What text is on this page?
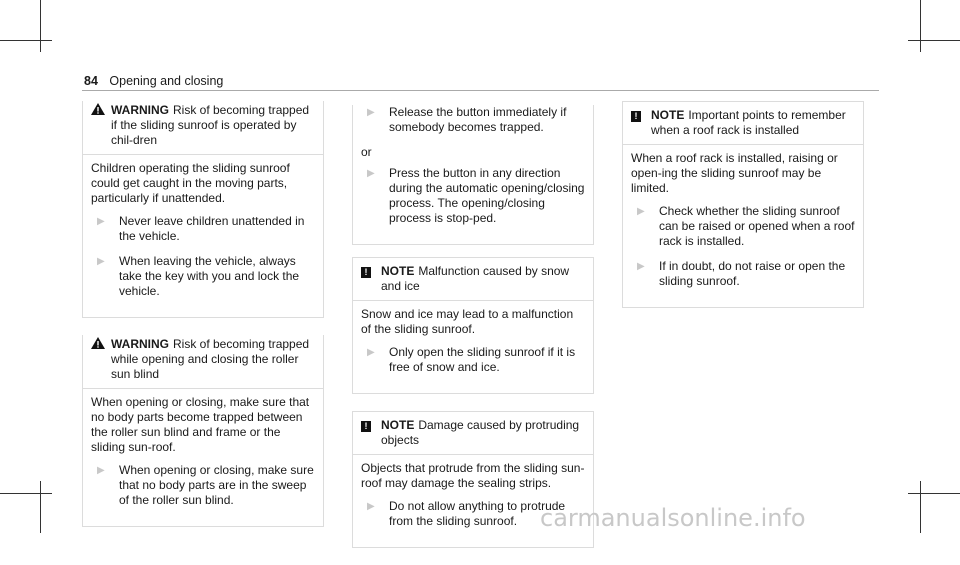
84 Opening and closing
WARNING Risk of becoming trapped if the sliding sunroof is operated by chil-dren

Children operating the sliding sunroof could get caught in the moving parts, particularly if unattended.

▶	Never leave children unattended in the vehicle.
▶	When leaving the vehicle, always take the key with you and lock the vehicle.
WARNING Risk of becoming trapped while opening and closing the roller sun blind

When opening or closing, make sure that no body parts become trapped between the roller sun blind and frame or the sliding sun-roof.

▶	When opening or closing, make sure that no body parts are in the sweep of the roller sun blind.
▶	Release the button immediately if somebody becomes trapped.
or
▶	Press the button in any direction during the automatic opening/closing process. The opening/closing process is stop-ped.
!	NOTE Malfunction caused by snow and ice

Snow and ice may lead to a malfunction of the sliding sunroof.

▶	Only open the sliding sunroof if it is free of snow and ice.
!	NOTE Damage caused by protruding objects

Objects that protrude from the sliding sun-roof may damage the sealing strips.

▶	Do not allow anything to protrude from the sliding sunroof.
!	NOTE Important points to remember when a roof rack is installed

When a roof rack is installed, raising or open-ing the sliding sunroof may be limited.

▶	Check whether the sliding sunroof can be raised or opened when a roof rack is installed.
▶	If in doubt, do not raise or open the sliding sunroof.
carmanualsonline.info
